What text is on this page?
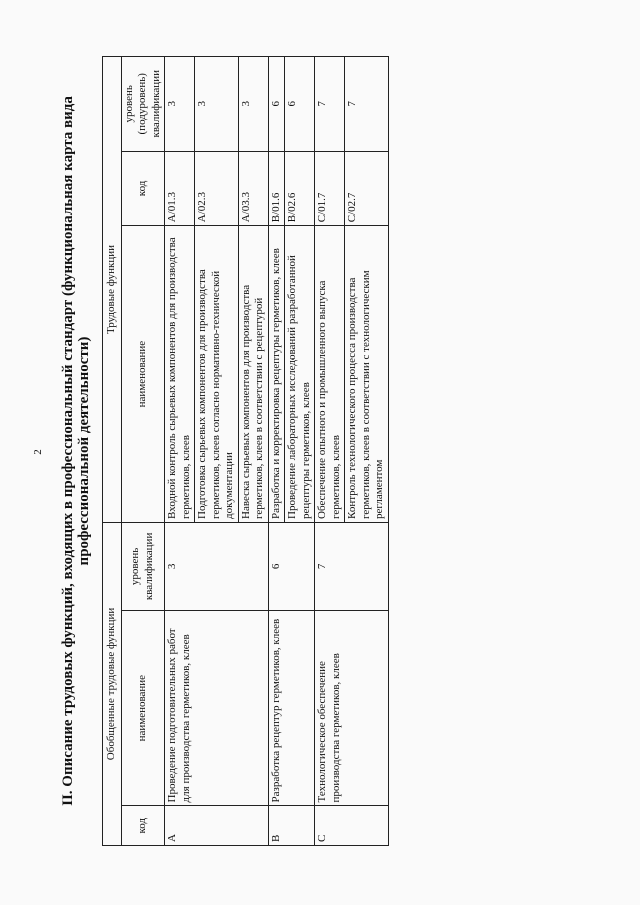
2 II. Описание трудовых функций, входящих в профессиональный стандарт (функциональная карта вида профессиональной деятельности)
Обобщенные трудовые функции			Трудовые функции		
код	наименование	уровень квалификации	наименование	код	уровень (подуровень) квалификации
A	Проведение подготовительных работ для производства герметиков, клеев	3	Входной контроль сырьевых компонентов для производства герметиков, клеев	A/01.3	3
			Подготовка сырьевых компонентов для производства герметиков, клеев согласно нормативно-технической документации	A/02.3	3
			Навеска сырьевых компонентов для производства герметиков, клеев в соответствии с рецептурой	A/03.3	3
B	Разработка рецептур герметиков, клеев	6	Разработка и корректировка рецептуры герметиков, клеев	B/01.6	6
			Проведение лабораторных исследований разработанной рецептуры герметиков, клеев	B/02.6	6
C	Технологическое обеспечение производства герметиков, клеев	7	Обеспечение опытного и промышленного выпуска герметиков, клеев	C/01.7	7
			Контроль технологического процесса производства герметиков, клеев в соответствии с технологическим регламентом	C/02.7	7
